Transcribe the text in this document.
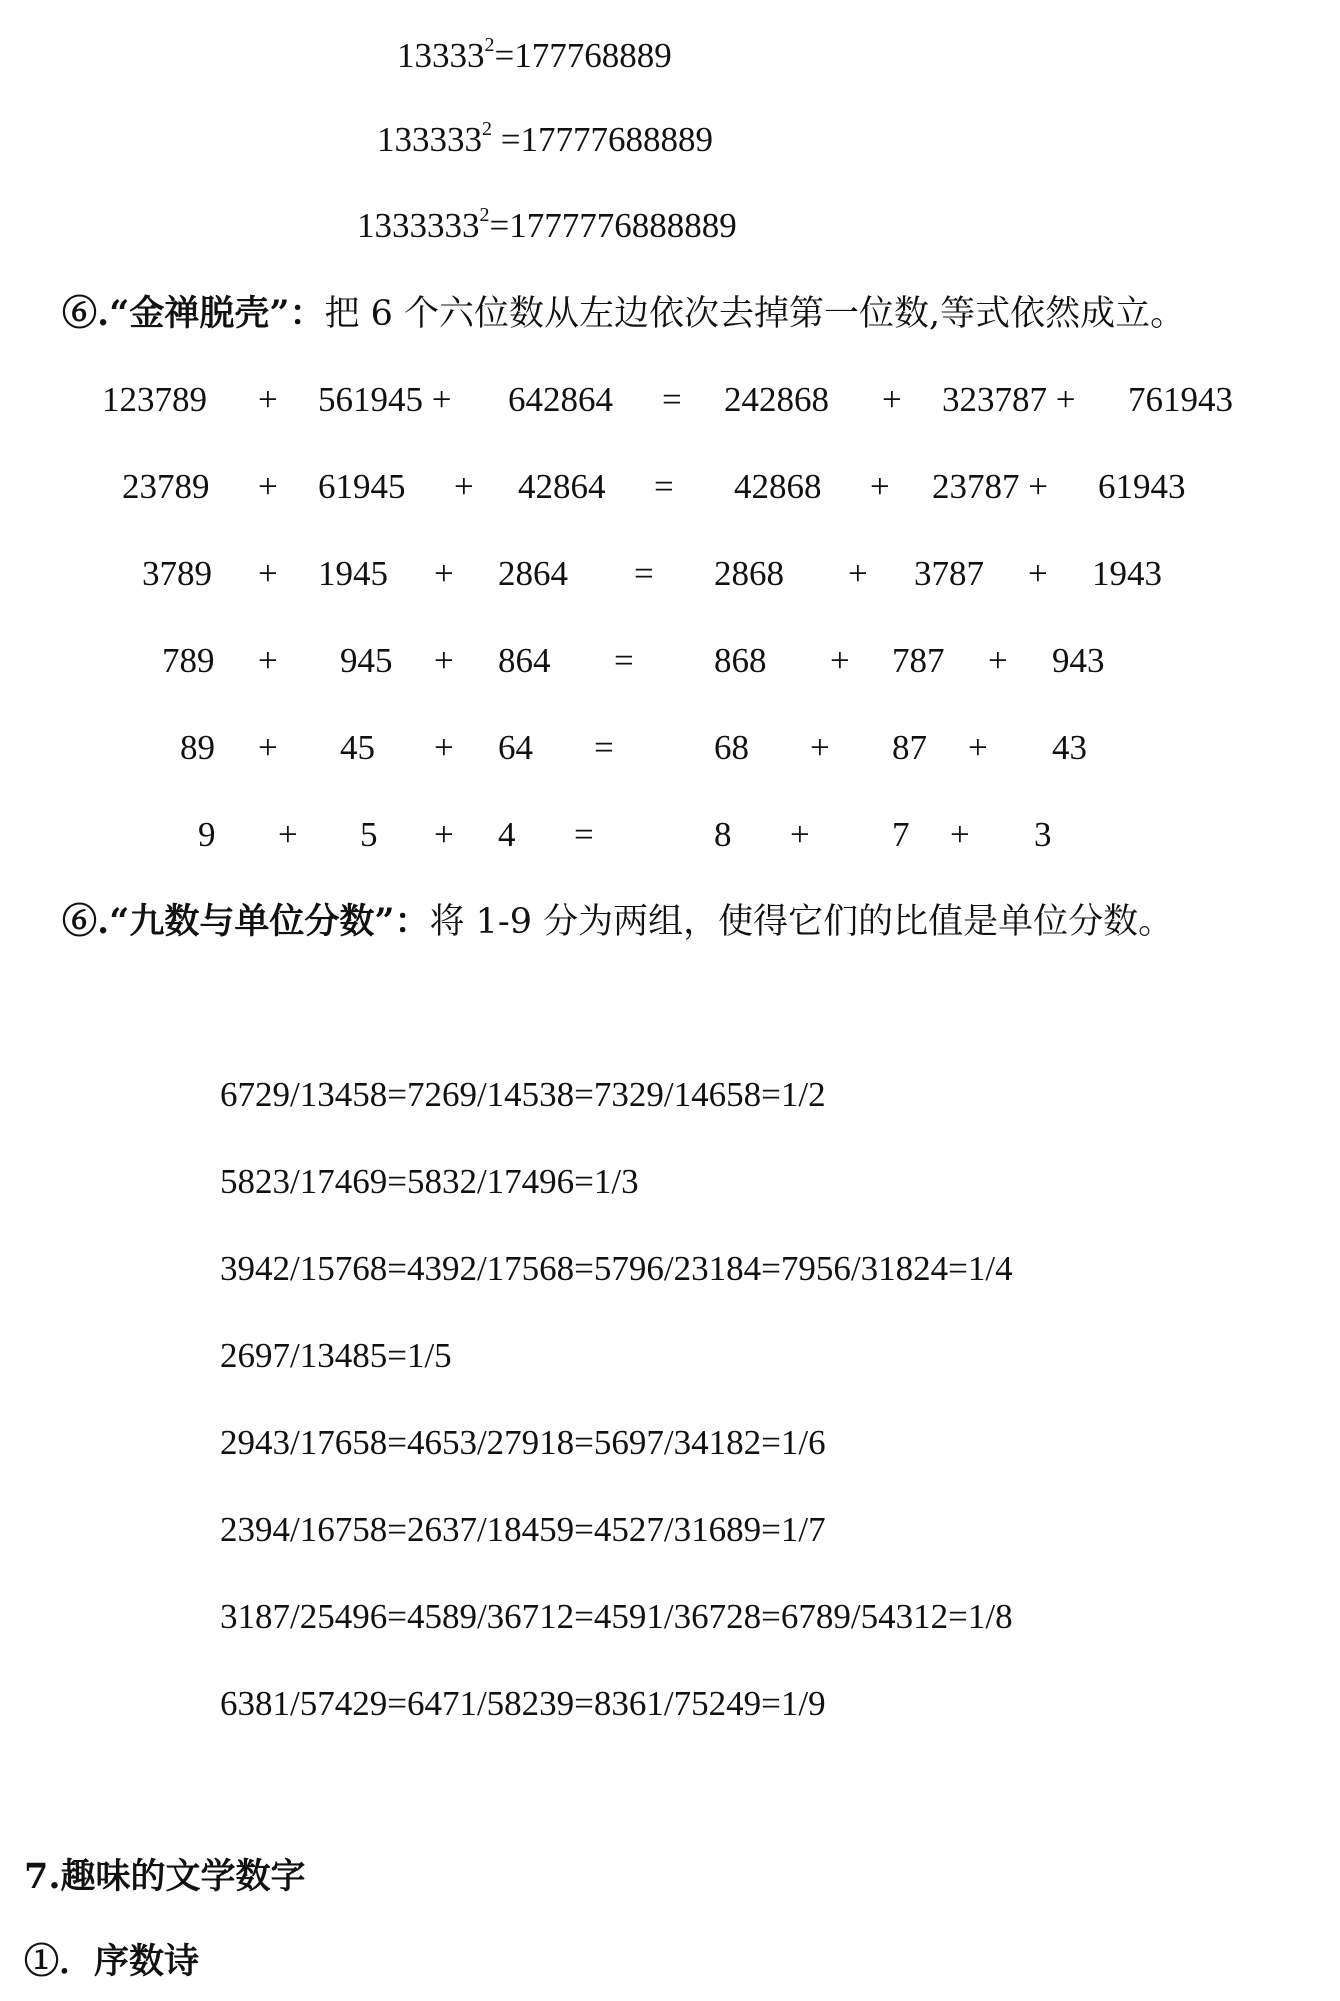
$13333^2=177768889$
$133333^2 =17777688889$
$1333333^2=1777776888889$
⑥.“金禅脱壳”：把 6 个六位数从左边依次去掉第一位数,等式依然成立。
123789 + 561945 + 642864 = 242868 + 323787 + 761943
23789 + 61945 + 42864 = 42868 + 23787 + 61943
3789 + 1945 + 2864 = 2868 + 3787 + 1943
789 + 945 + 864 = 868 + 787 + 943
89 + 45 + 64 =	68 + 87 + 43
9 + 5 + 4 =	8 + 7 + 3
⑥.“九数与单位分数”：将 1-9 分为两组，使得它们的比值是单位分数。
6729/13458=7269/14538=7329/14658=1/2
5823/17469=5832/17496=1/3
3942/15768=4392/17568=5796/23184=7956/31824=1/4
2697/13485=1/5
2943/17658=4653/27918=5697/34182=1/6
2394/16758=2637/18459=4527/31689=1/7
3187/25496=4589/36712=4591/36728=6789/54312=1/8
6381/57429=6471/58239=8361/75249=1/9
7.趣味的文学数字
①．序数诗
